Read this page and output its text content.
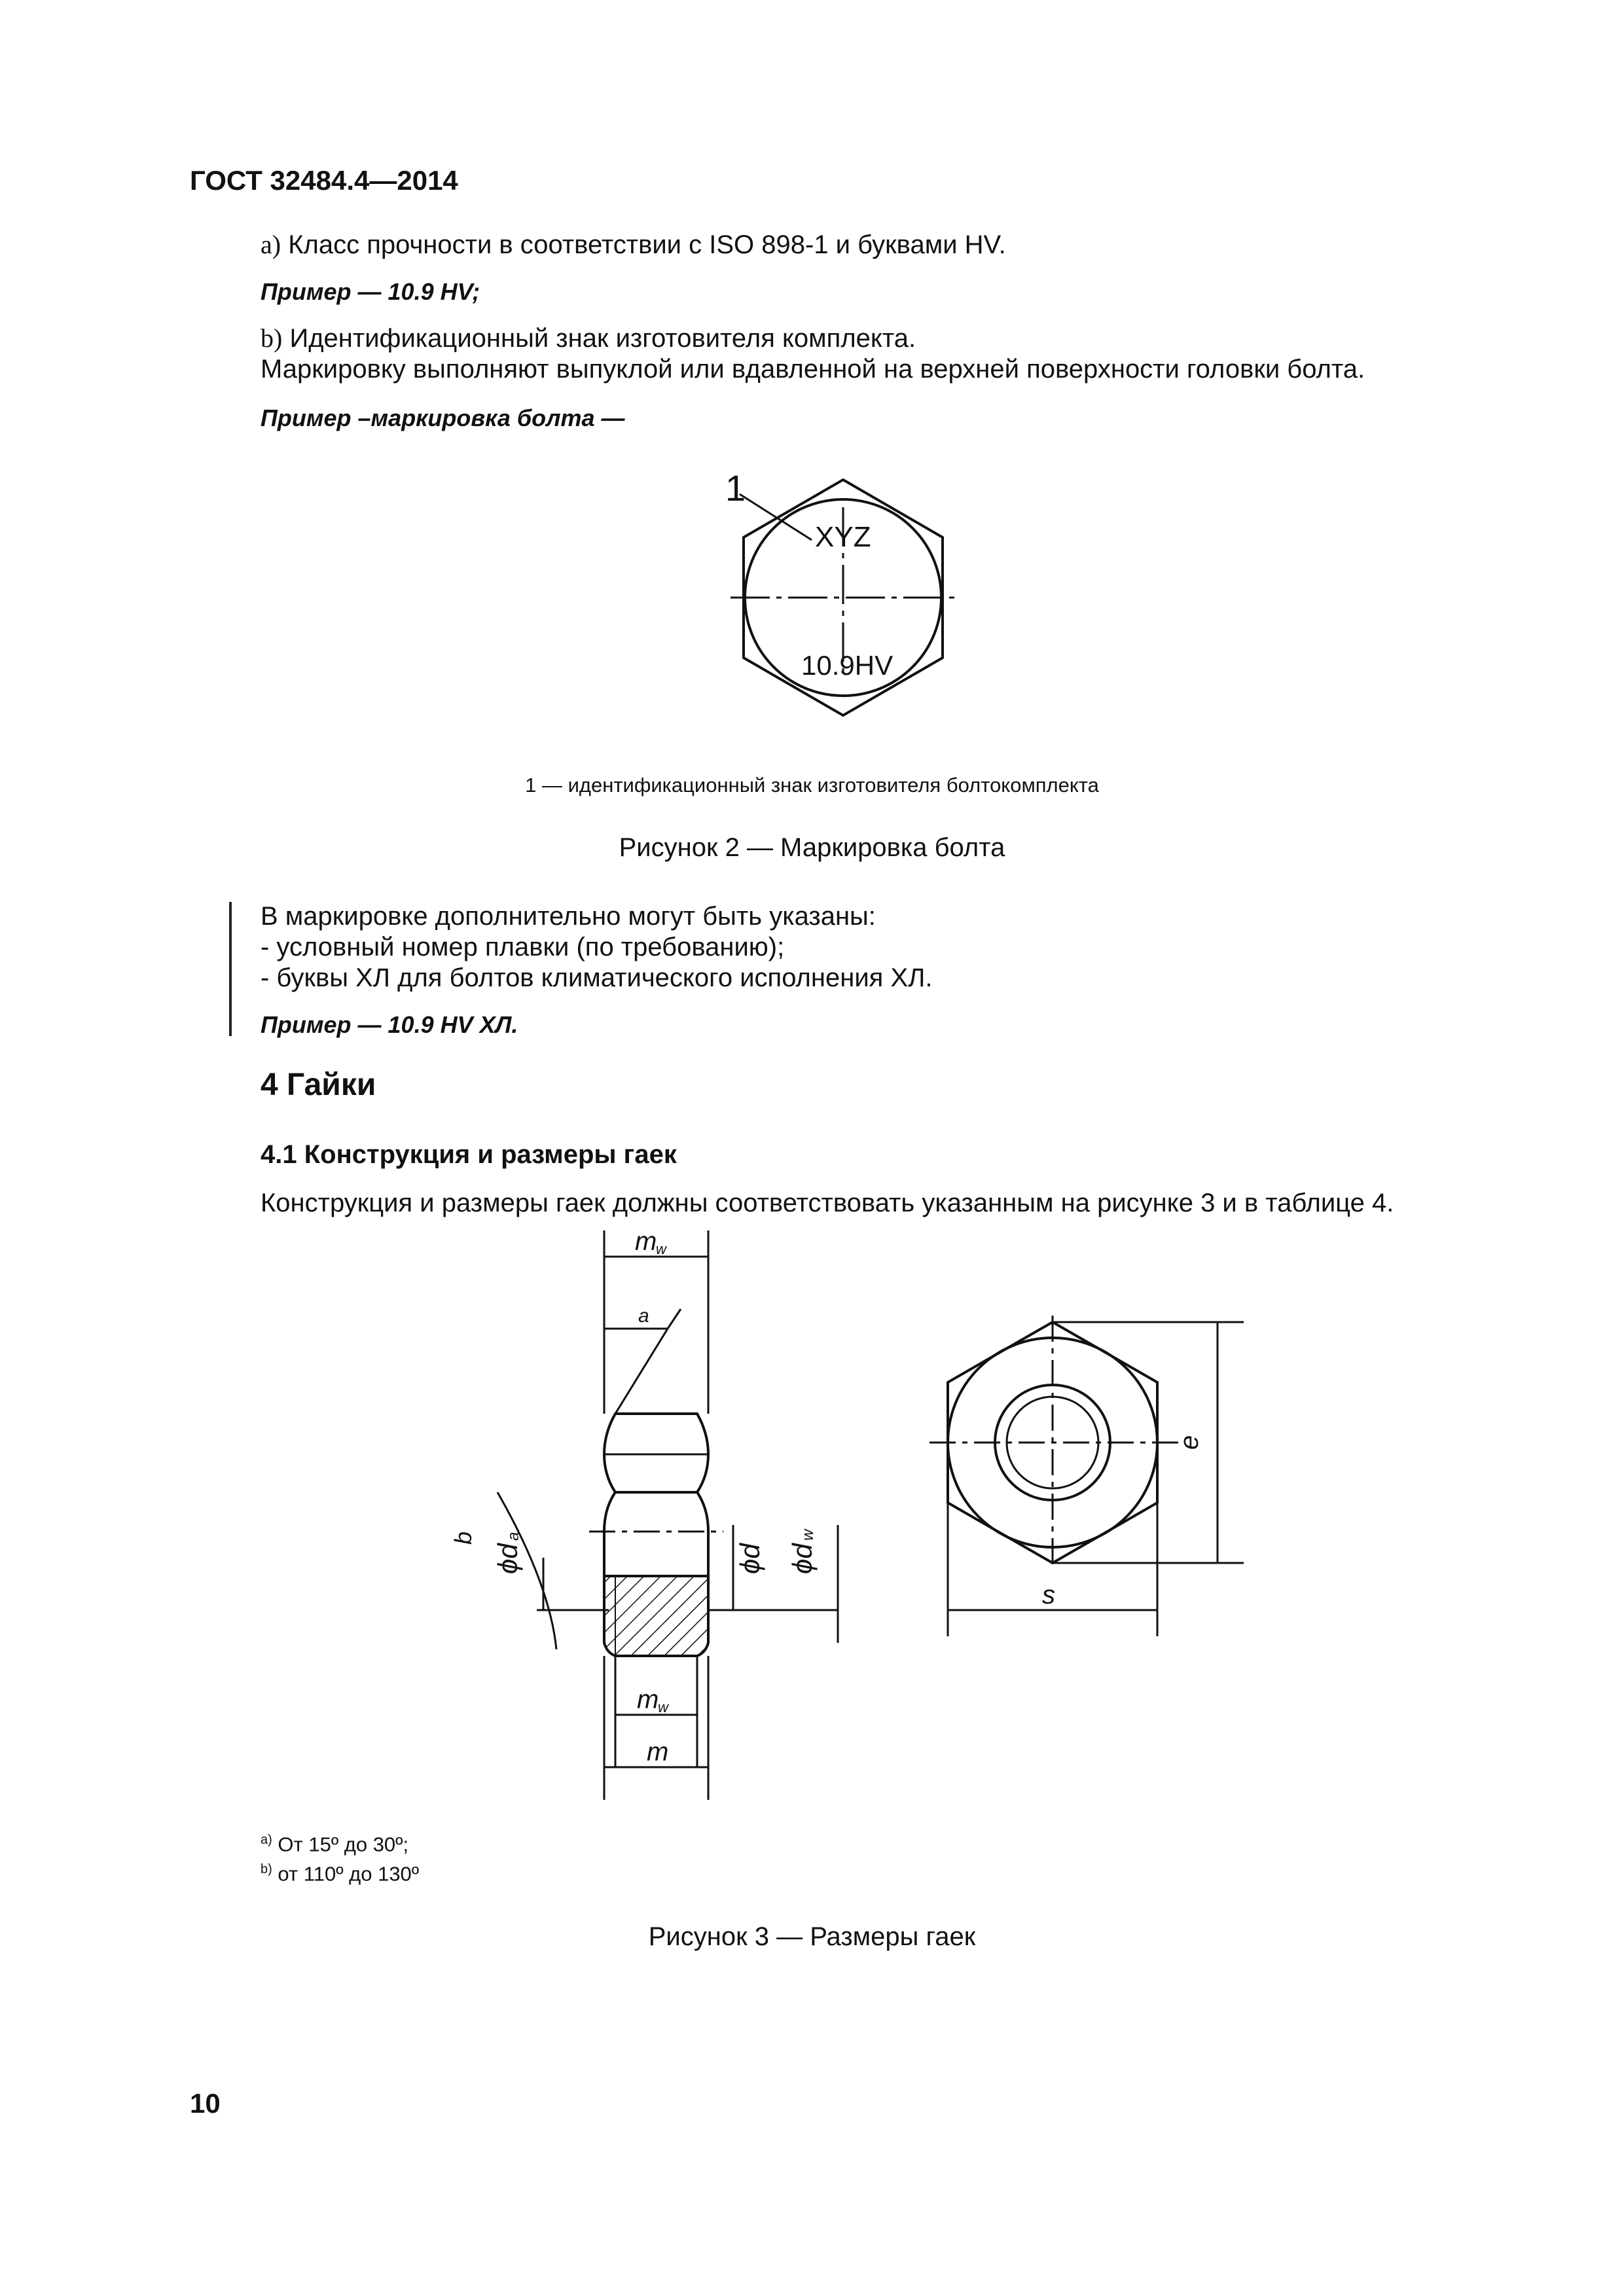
ГОСТ 32484.4—2014
a) Класс прочности в соответствии с ISO 898-1 и буквами HV.
Пример — 10.9 HV;
b) Идентификационный знак изготовителя комплекта.
Маркировку выполняют выпуклой или вдавленной на верхней поверхности головки болта.
Пример –маркировка болта —
1
XYZ
10.9HV
1 — идентификационный знак изготовителя болтокомплекта
Рисунок 2 — Маркировка болта
В маркировке дополнительно могут быть указаны:
- условный номер плавки (по требованию);
- буквы ХЛ для болтов климатического исполнения ХЛ.
Пример — 10.9 HV ХЛ.
4 Гайки
4.1 Конструкция и размеры гаек
Конструкция и размеры гаек должны соответствовать указанным на рисунке 3 и в таблице 4.
m
w
a
b
ϕd
a
ϕd ϕd
w
m
w
m
e
s
$^{a)}$ От 15º до 30º;
$^{b)}$ от 110º до 130º
Рисунок 3 — Размеры гаек
10
